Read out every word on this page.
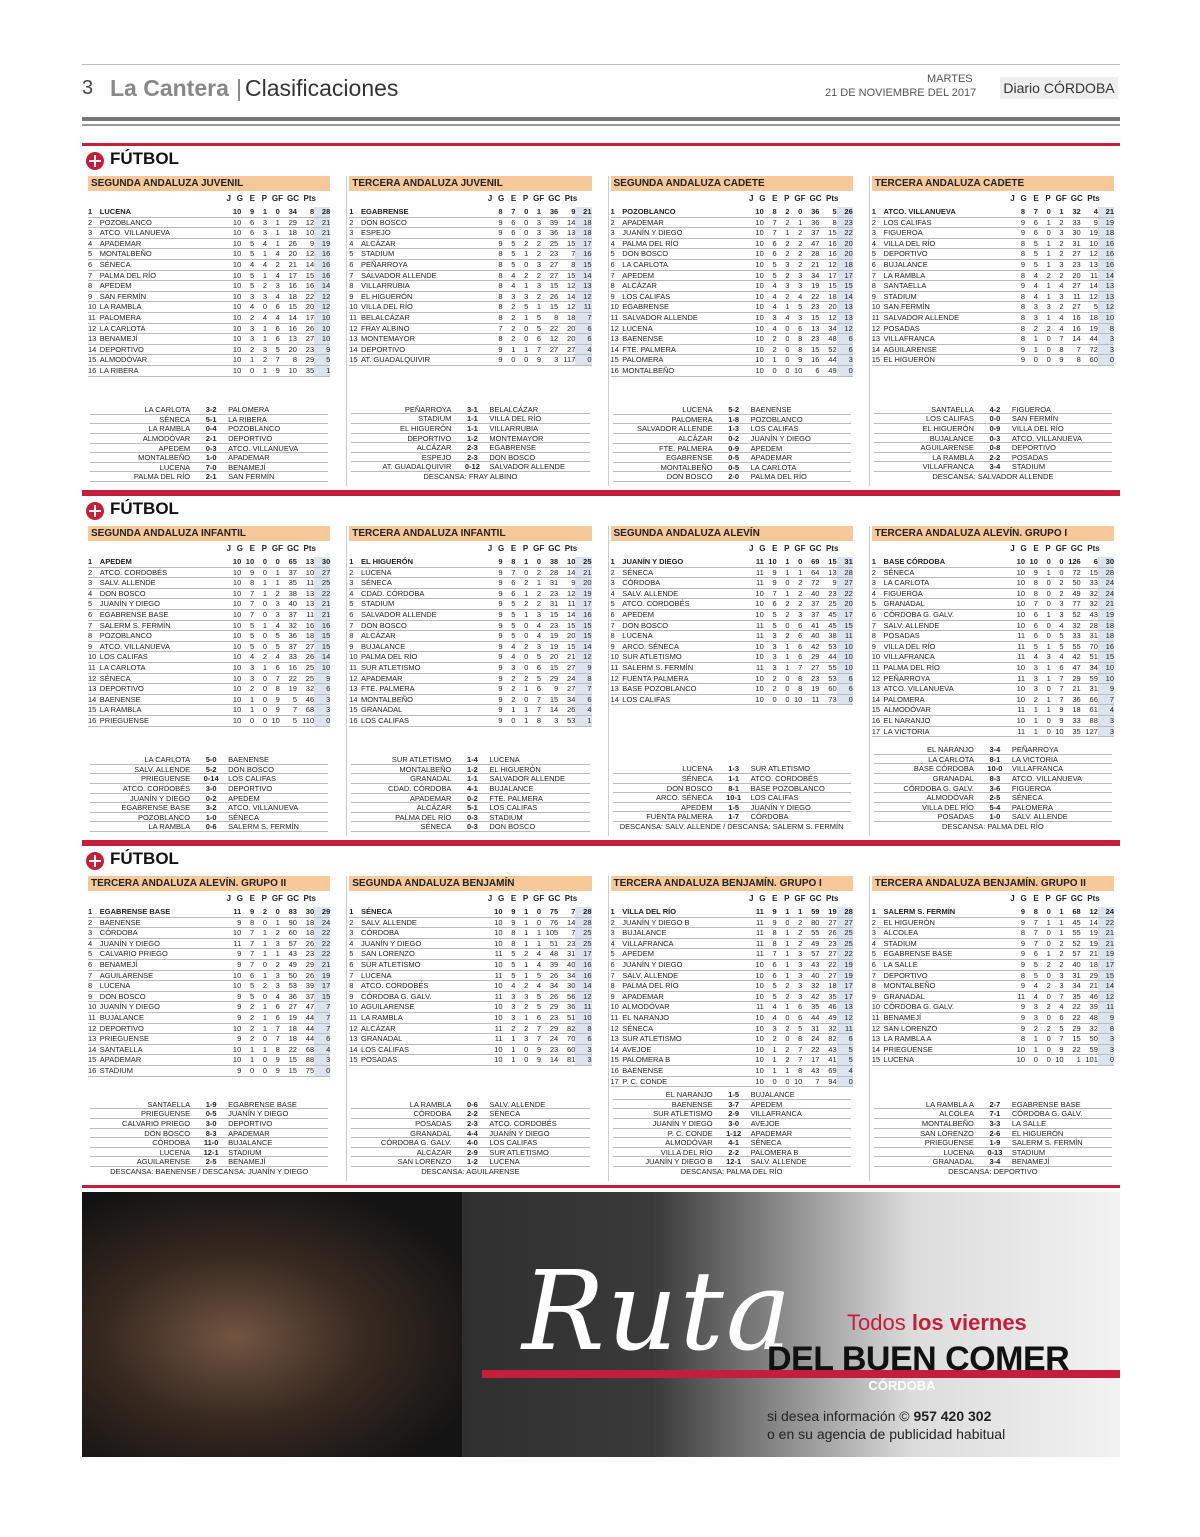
3 La Cantera Clasificaciones	MARTES
21 DE NOVIEMBRE DEL 2017 Diario CÓRDOBA
FÚTBOL
SEGUNDA ANDALUZA JUVENIL
J G E P GF GC Pts
1	LUCENA	10	9	1	0	34	8	28
2	POZOBLANCO	10	6	3	1	29	12	21
3	ATCO. VILLANUEVA	10	6	3	1	18	10	21
4	APADEMAR	10	5	4	1	26	9	19
5	MONTALBEÑO	10	5	1	4	20	12	16
6	SÉNECA	10	4	4	2	21	14	16
7	PALMA DEL RÍO	10	5	1	4	17	15	16
8	APEDEM	10	5	2	3	16	16	14
9	SAN FERMÍN	10	3	3	4	18	22	12
10	LA RAMBLA	10	4	0	6	15	20	12
11	PALOMERA	10	2	4	4	14	17	10
12	LA CARLOTA	10	3	1	6	16	26	10
13	BENAMEJÍ	10	3	1	6	13	27	10
14	DEPORTIVO	10	2	3	5	20	23	9
15	ALMODÓVAR	10	1	2	7	8	29	5
16	LA RIBERA	10	0	1	9	10	35	1
LA CARLOTA	3-2	PALOMERA
SÉNECA	5-1	LA RIBERA
LA RAMBLA	0-4	POZOBLANCO
ALMODÓVAR	2-1	DEPORTIVO
APEDEM	0-3	ATCO. VILLANUEVA
MONTALBEÑO	1-0	APADEMAR
LUCENA	7-0	BENAMEJÍ
PALMA DEL RÍO	2-1	SAN FERMÍN
TERCERA ANDALUZA JUVENIL
J G E P GF GC Pts
1	EGABRENSE	8	7	0	1	36	9	21
2	DON BOSCO	9	6	0	3	39	14	18
3	ESPEJO	9	6	0	3	36	13	18
4	ALCÁZAR	9	5	2	2	25	15	17
5	STADIUM	8	5	1	2	23	7	16
6	PEÑARROYA	8	5	0	3	27	8	15
7	SALVADOR ALLENDE	8	4	2	2	27	15	14
8	VILLARRUBIA	8	4	1	3	15	12	13
9	EL HIGUERÓN	8	3	3	2	26	14	12
10	VILLA DEL RÍO	8	2	5	1	15	12	11
11	BELALCÁZAR	8	2	1	5	8	18	7
12	FRAY ALBINO	7	2	0	5	22	20	6
13	MONTEMAYOR	8	2	0	6	12	20	6
14	DEPORTIVO	9	1	1	7	27	27	4
15	AT. GUADALQUIVIR	9	0	0	9	3	117	0
PEÑARROYA	3-1	BELALCÁZAR
STADIUM	1-1	VILLA DEL RÍO
EL HIGUERÓN	1-1	VILLARRUBIA
DEPORTIVO	1-2	MONTEMAYOR
ALCÁZAR	2-3	EGABRENSE
ESPEJO	2-3	DON BOSCO
AT. GUADALQUIVIR	0-12	SALVADOR ALLENDE
DESCANSA: FRAY ALBINO
SEGUNDA ANDALUZA CADETE
J G E P GF GC Pts
1	POZOBLANCO	10	8	2	0	36	5	26
2	APADEMAR	10	7	2	1	36	8	23
3	JUANÍN Y DIEGO	10	7	1	2	37	15	22
4	PALMA DEL RÍO	10	6	2	2	47	16	20
5	DON BOSCO	10	6	2	2	28	16	20
6	LA CARLOTA	10	5	3	2	21	12	18
7	APEDEM	10	5	2	3	34	17	17
8	ALCÁZAR	10	4	3	3	19	15	15
9	LOS CALIFAS	10	4	2	4	22	18	14
10	EGABRENSE	10	4	1	5	23	20	13
11	SALVADOR ALLENDE	10	3	4	3	15	12	13
12	LUCENA	10	4	0	6	13	34	12
13	BAENENSE	10	2	0	8	23	48	6
14	FTE. PALMERA	10	2	0	8	15	52	6
15	PALOMERA	10	1	0	9	16	44	3
16	MONTALBEÑO	10	0	0	10	6	49	0
LUCENA	5-2	BAENENSE
PALOMERA	1-8	POZOBLANCO
SALVADOR ALLENDE	1-3	LOS CALIFAS
ALCÁZAR	0-2	JUANÍN Y DIEGO
FTE. PALMERA	0-9	APEDEM
EGABRENSE	0-5	APADEMAR
MONTALBEÑO	0-5	LA CARLOTA
DON BOSCO	2-0	PALMA DEL RÍO
TERCERA ANDALUZA CADETE
J G E P GF GC Pts
1	ATCO. VILLANUEVA	8	7	0	1	32	4	21
2	LOS CALIFAS	9	6	1	2	33	9	19
3	FIGUEROA	9	6	0	3	30	19	18
4	VILLA DEL RÍO	8	5	1	2	31	10	16
5	DEPORTIVO	8	5	1	2	27	12	16
6	BUJALANCE	9	5	1	3	23	13	16
7	LA RAMBLA	8	4	2	2	20	11	14
8	SANTAELLA	9	4	1	4	27	14	13
9	STADIUM	8	4	1	3	11	12	13
10	SAN FERMÍN	8	3	3	2	27	5	12
11	SALVADOR ALLENDE	8	3	1	4	16	18	10
12	POSADAS	8	2	2	4	16	19	8
13	VILLAFRANCA	8	1	0	7	14	44	3
14	AGUILARENSE	9	1	0	8	7	72	3
15	EL HIGUERÓN	9	0	0	9	8	60	0
SANTAELLA	4-2	FIGUEROA
LOS CALIFAS	0-0	SAN FERMÍN
EL HIGUERÓN	0-9	VILLA DEL RÍO
BUJALANCE	0-3	ATCO. VILLANUEVA
AGUILARENSE	0-8	DEPORTIVO
LA RAMBLA	2-2	POSADAS
VILLAFRANCA	3-4	STADIUM
DESCANSA: SALVADOR ALLENDE
FÚTBOL
SEGUNDA ANDALUZA INFANTIL
J G E P GF GC Pts
1	APEDEM	10	10	0	0	65	13	30
2	ATCO. CORDOBÉS	10	9	0	1	37	10	27
3	SALV. ALLENDE	10	8	1	1	35	11	25
4	DON BOSCO	10	7	1	2	38	13	22
5	JUANÍN Y DIEGO	10	7	0	3	40	13	21
6	EGABRENSE BASE	10	7	0	3	37	11	21
7	SALERM S. FERMÍN	10	5	1	4	32	16	16
8	POZOBLANCO	10	5	0	5	36	18	15
9	ATCO. VILLANUEVA	10	5	0	5	37	27	15
10	LOS CALIFAS	10	4	2	4	33	26	14
11	LA CARLOTA	10	3	1	6	16	25	10
12	SÉNECA	10	3	0	7	22	25	9
13	DEPORTIVO	10	2	0	8	19	32	6
14	BAENENSE	10	1	0	9	5	46	3
15	LA RAMBLA	10	1	0	9	7	68	3
16	PRIEGUENSE	10	0	0	10	5	110	0
LA CARLOTA	5-0	BAENENSE
SALV. ALLENDE	5-2	DON BOSCO
PRIEGUENSE	0-14	LOS CALIFAS
ATCO. CORDOBÉS	3-0	DEPORTIVO
JUANÍN Y DIEGO	0-2	APEDEM
EGABRENSE BASE	3-2	ATCO. VILLANUEVA
POZOBLANCO	1-0	SÉNECA
LA RAMBLA	0-6	SALERM S. FERMÍN
TERCERA ANDALUZA INFANTIL
J G E P GF GC Pts
1	EL HIGUERÓN	9	8	1	0	38	10	25
2	LUCENA	9	7	0	2	28	14	21
3	SÉNECA	9	6	2	1	31	9	20
4	CDAD. CÓRDOBA	9	6	1	2	23	12	19
5	STADIUM	9	5	2	2	31	11	17
6	SALVADOR ALLENDE	9	5	1	3	15	14	16
7	DON BOSCO	9	5	0	4	23	15	15
8	ALCÁZAR	9	5	0	4	19	20	15
9	BUJALANCE	9	4	2	3	19	15	14
10	PALMA DEL RÍO	9	4	0	5	20	21	12
11	SUR ATLETISMO	9	3	0	6	15	27	9
12	APADEMAR	9	2	2	5	29	24	8
13	FTE. PALMERA	9	2	1	6	9	27	7
14	MONTALBEÑO	9	2	0	7	15	34	6
15	GRANADAL	9	1	1	7	14	26	4
16	LOS CALIFAS	9	0	1	8	3	53	1
SUR ATLETISMO	1-4	LUCENA
MONTALBEÑO	1-2	EL HIGUERÓN
GRANADAL	1-1	SALVADOR ALLENDE
CDAD. CÓRDOBA	4-1	BUJALANCE
APADEMAR	0-2	FTE. PALMERA
ALCÁZAR	5-1	LOS CALIFAS
PALMA DEL RÍO	0-3	STADIUM
SÉNECA	0-3	DON BOSCO
SEGUNDA ANDALUZA ALEVÍN
J G E P GF GC Pts
1	JUANÍN Y DIEGO	11	10	1	0	69	15	31
2	SÉNECA	11	9	1	1	64	13	28
3	CÓRDOBA	11	9	0	2	72	9	27
4	SALV. ALLENDE	10	7	1	2	40	23	22
5	ATCO. CORDOBÉS	10	6	2	2	37	25	20
6	APEDEM	10	5	2	3	37	45	17
7	DON BOSCO	11	5	0	6	41	45	15
8	LUCENA	11	3	2	6	40	38	11
9	ARCO. SÉNECA	10	3	1	6	42	53	10
10	SUR ATLETISMO	10	3	1	6	29	44	10
11	SALERM S. FERMÍN	11	3	1	7	27	55	10
12	FUENTA PALMERA	10	2	0	8	23	53	6
13	BASE POZOBLANCO	10	2	0	8	19	60	6
14	LOS CALIFAS	10	0	0	10	11	73	0
LUCENA	1-3	SUR ATLETISMO
SÉNECA	1-1	ATCO. CORDOBÉS
DON BOSCO	8-1	BASE POZOBLANCO
ARCO. SÉNECA	10-1	LOS CALIFAS
APEDEM	1-5	JUANÍN Y DIEGO
FUENTA PALMERA	1-7	CÓRDOBA
DESCANSA: SALV. ALLENDE / DESCANSA: SALERM S. FERMÍN
TERCERA ANDALUZA ALEVÍN. GRUPO I
J G E P GF GC Pts
1	BASE CÓRDOBA	10	10	0	0	126	6	30
2	SÉNECA	10	9	1	0	72	15	28
3	LA CARLOTA	10	8	0	2	50	33	24
4	FIGUEROA	10	8	0	2	49	32	24
5	GRANADAL	10	7	0	3	77	32	21
6	CÓRDOBA G. GALV.	10	6	1	3	52	43	19
7	SALV. ALLENDE	10	6	0	4	32	28	18
8	POSADAS	11	6	0	5	33	31	18
9	VILLA DEL RÍO	11	5	1	5	55	70	16
10	VILLAFRANCA	11	4	3	4	42	51	15
11	PALMA DEL RÍO	10	3	1	6	47	34	10
12	PEÑARROYA	11	3	1	7	29	59	10
13	ATCO. VILLANUEVA	10	3	0	7	21	31	9
14	PALOMERA	10	2	1	7	36	66	7
15	ALMODÓVAR	11	1	1	9	18	61	4
16	EL NARANJO	10	1	0	9	33	88	3
17	LA VICTORIA	11	1	0	10	35	127	3
EL NARANJO	3-4	PEÑARROYA
LA CARLOTA	8-1	LA VICTORIA
BASE CÓRDOBA	10-0	VILLAFRANCA
GRANADAL	8-3	ATCO. VILLANUEVA
CÓRDOBA G. GALV.	3-6	FIGUEROA
ALMODÓVAR	2-5	SÉNECA
VILLA DEL RÍO	5-4	PALOMERA
POSADAS	1-0	SALV. ALLENDE
DESCANSA: PALMA DEL RÍO
FÚTBOL
TERCERA ANDALUZA ALEVÍN. GRUPO II
J G E P GF GC Pts
1	EGABRENSE BASE	11	9	2	0	83	30	29
2	BAENENSE	9	8	0	1	90	18	24
3	CÓRDOBA	10	7	1	2	60	18	22
4	JUANÍN Y DIEGO	11	7	1	3	57	26	22
5	CALVARIO PRIEGO	9	7	1	1	43	23	22
6	BENAMEJÍ	9	7	0	2	49	29	21
7	AGUILARENSE	10	6	1	3	50	26	19
8	LUCENA	10	5	2	3	53	39	17
9	DON BOSCO	9	5	0	4	36	37	15
10	JUANÍN Y DIEGO	9	2	1	6	27	47	7
11	BUJALANCE	9	2	1	6	19	44	7
12	DEPORTIVO	10	2	1	7	18	44	7
13	PRIEGUENSE	9	2	0	7	18	44	6
14	SANTAELLA	10	1	1	8	22	68	4
15	APADEMAR	10	1	0	9	15	88	3
16	STADIUM	9	0	0	9	15	75	0
SANTAELLA	1-9	EGABRENSE BASE
PRIEGUENSE	0-5	JUANÍN Y DIEGO
CALVARIO PRIEGO	3-0	DEPORTIVO
DON BOSCO	8-3	APADEMAR
CÓRDOBA	11-0	BUJALANCE
LUCENA	12-1	STADIUM
AGUILARENSE	2-5	BENAMEJÍ
DESCANSA: BAENENSE / DESCANSA: JUANÍN Y DIEGO
SEGUNDA ANDALUZA BENJAMÍN
J G E P GF GC Pts
1	SÉNECA	10	9	1	0	75	7	28
2	SALV. ALLENDE	10	9	1	0	76	14	28
3	CÓRDOBA	10	8	1	1	105	7	25
4	JUANÍN Y DIEGO	10	8	1	1	51	23	25
5	SAN LORENZO	11	5	2	4	48	31	17
6	SUR ATLETISMO	10	5	1	4	39	40	16
7	LUCENA	11	5	1	5	26	34	16
8	ATCO. CORDOBÉS	10	4	2	4	34	30	14
9	CÓRDOBA G. GALV.	11	3	3	5	26	56	12
10	AGUILARENSE	10	3	2	5	29	36	11
11	LA RAMBLA	10	3	1	6	23	51	10
12	ALCÁZAR	11	2	2	7	29	82	8
13	GRANADAL	11	1	3	7	24	70	6
14	LOS CALIFAS	10	1	0	9	23	60	3
15	POSADAS	10	1	0	9	14	81	3
LA RAMBLA	0-6	SALV. ALLENDE
CÓRDOBA	2-2	SÉNECA
POSADAS	2-3	ATCO. CORDOBÉS
GRANADAL	4-4	JUANÍN Y DIEGO
CÓRDOBA G. GALV.	4-0	LOS CALIFAS
ALCÁZAR	2-9	SUR ATLETISMO
SAN LORENZO	1-2	LUCENA
DESCANSA: AGUILARENSE
TERCERA ANDALUZA BENJAMÍN. GRUPO I
J G E P GF GC Pts
1	VILLA DEL RÍO	11	9	1	1	59	19	28
2	JUANÍN Y DIEGO B	11	9	0	2	80	27	27
3	BUJALANCE	11	8	1	2	55	26	25
4	VILLAFRANCA	11	8	1	2	49	23	25
5	APEDEM	11	7	1	3	57	27	22
6	JUANÍN Y DIEGO	10	6	1	3	43	22	19
7	SALV. ALLENDE	10	6	1	3	40	27	19
8	PALMA DEL RÍO	10	5	2	3	32	18	17
9	APADEMAR	10	5	2	3	42	35	17
10	ALMODÓVAR	11	4	1	6	35	46	13
11	EL NARANJO	10	4	0	6	44	49	12
12	SÉNECA	10	3	2	5	31	32	11
13	SUR ATLETISMO	10	2	0	8	24	82	6
14	AVEJOE	10	1	2	7	22	43	5
15	PALOMERA B	10	1	2	7	17	41	5
16	BAENENSE	10	1	1	8	43	69	4
17	P. C. CONDE	10	0	0	10	7	94	0
EL NARANJO	1-5	BUJALANCE
BAENENSE	3-7	APEDEM
SUR ATLETISMO	2-9	VILLAFRANCA
JUANÍN Y DIEGO	3-0	AVEJOE
P. C. CONDE	1-12	APADEMAR
ALMODÓVAR	4-1	SÉNECA
VILLA DEL RÍO	2-2	PALOMERA B
JUANÍN Y DIEGO B	12-1	SALV. ALLENDE
DESCANSA: PALMA DEL RÍO
TERCERA ANDALUZA BENJAMÍN. GRUPO II
J G E P GF GC Pts
1	SALERM S. FERMÍN	9	8	0	1	68	12	24
2	EL HIGUERÓN	9	7	1	1	45	14	22
3	ALCOLEA	8	7	0	1	55	19	21
4	STADIUM	9	7	0	2	52	19	21
5	EGABRENSE BASE	9	6	1	2	57	21	19
6	LA SALLE	9	5	2	2	40	18	17
7	DEPORTIVO	8	5	0	3	31	29	15
8	MONTALBEÑO	9	4	2	3	34	21	14
9	GRANADAL	11	4	0	7	35	46	12
10	CÓRDOBA G. GALV.	9	3	2	4	22	39	11
11	BENAMEJÍ	9	3	0	6	22	48	9
12	SAN LORENZO	9	2	2	5	29	32	8
13	LA RAMBLA A	8	1	0	7	15	50	3
14	PRIEGUENSE	10	1	0	9	22	59	3
15	LUCENA	10	0	0	10	1	101	0
LA RAMBLA A	2-7	EGABRENSE BASE
ALCOLEA	7-1	CÓRDOBA G. GALV.
MONTALBEÑO	3-3	LA SALLE
SAN LORENZO	2-6	EL HIGUERÓN
PRIEGUENSE	1-9	SALERM S. FERMÍN
LUCENA	0-13	STADIUM
GRANADAL	3-4	BENAMEJÍ
DESCANSA: DEPORTIVO
Ruta Todos los viernes
DEL BUEN COMER
CÓRDOBA
si desea información © 957 420 302
o en su agencia de publicidad habitual
